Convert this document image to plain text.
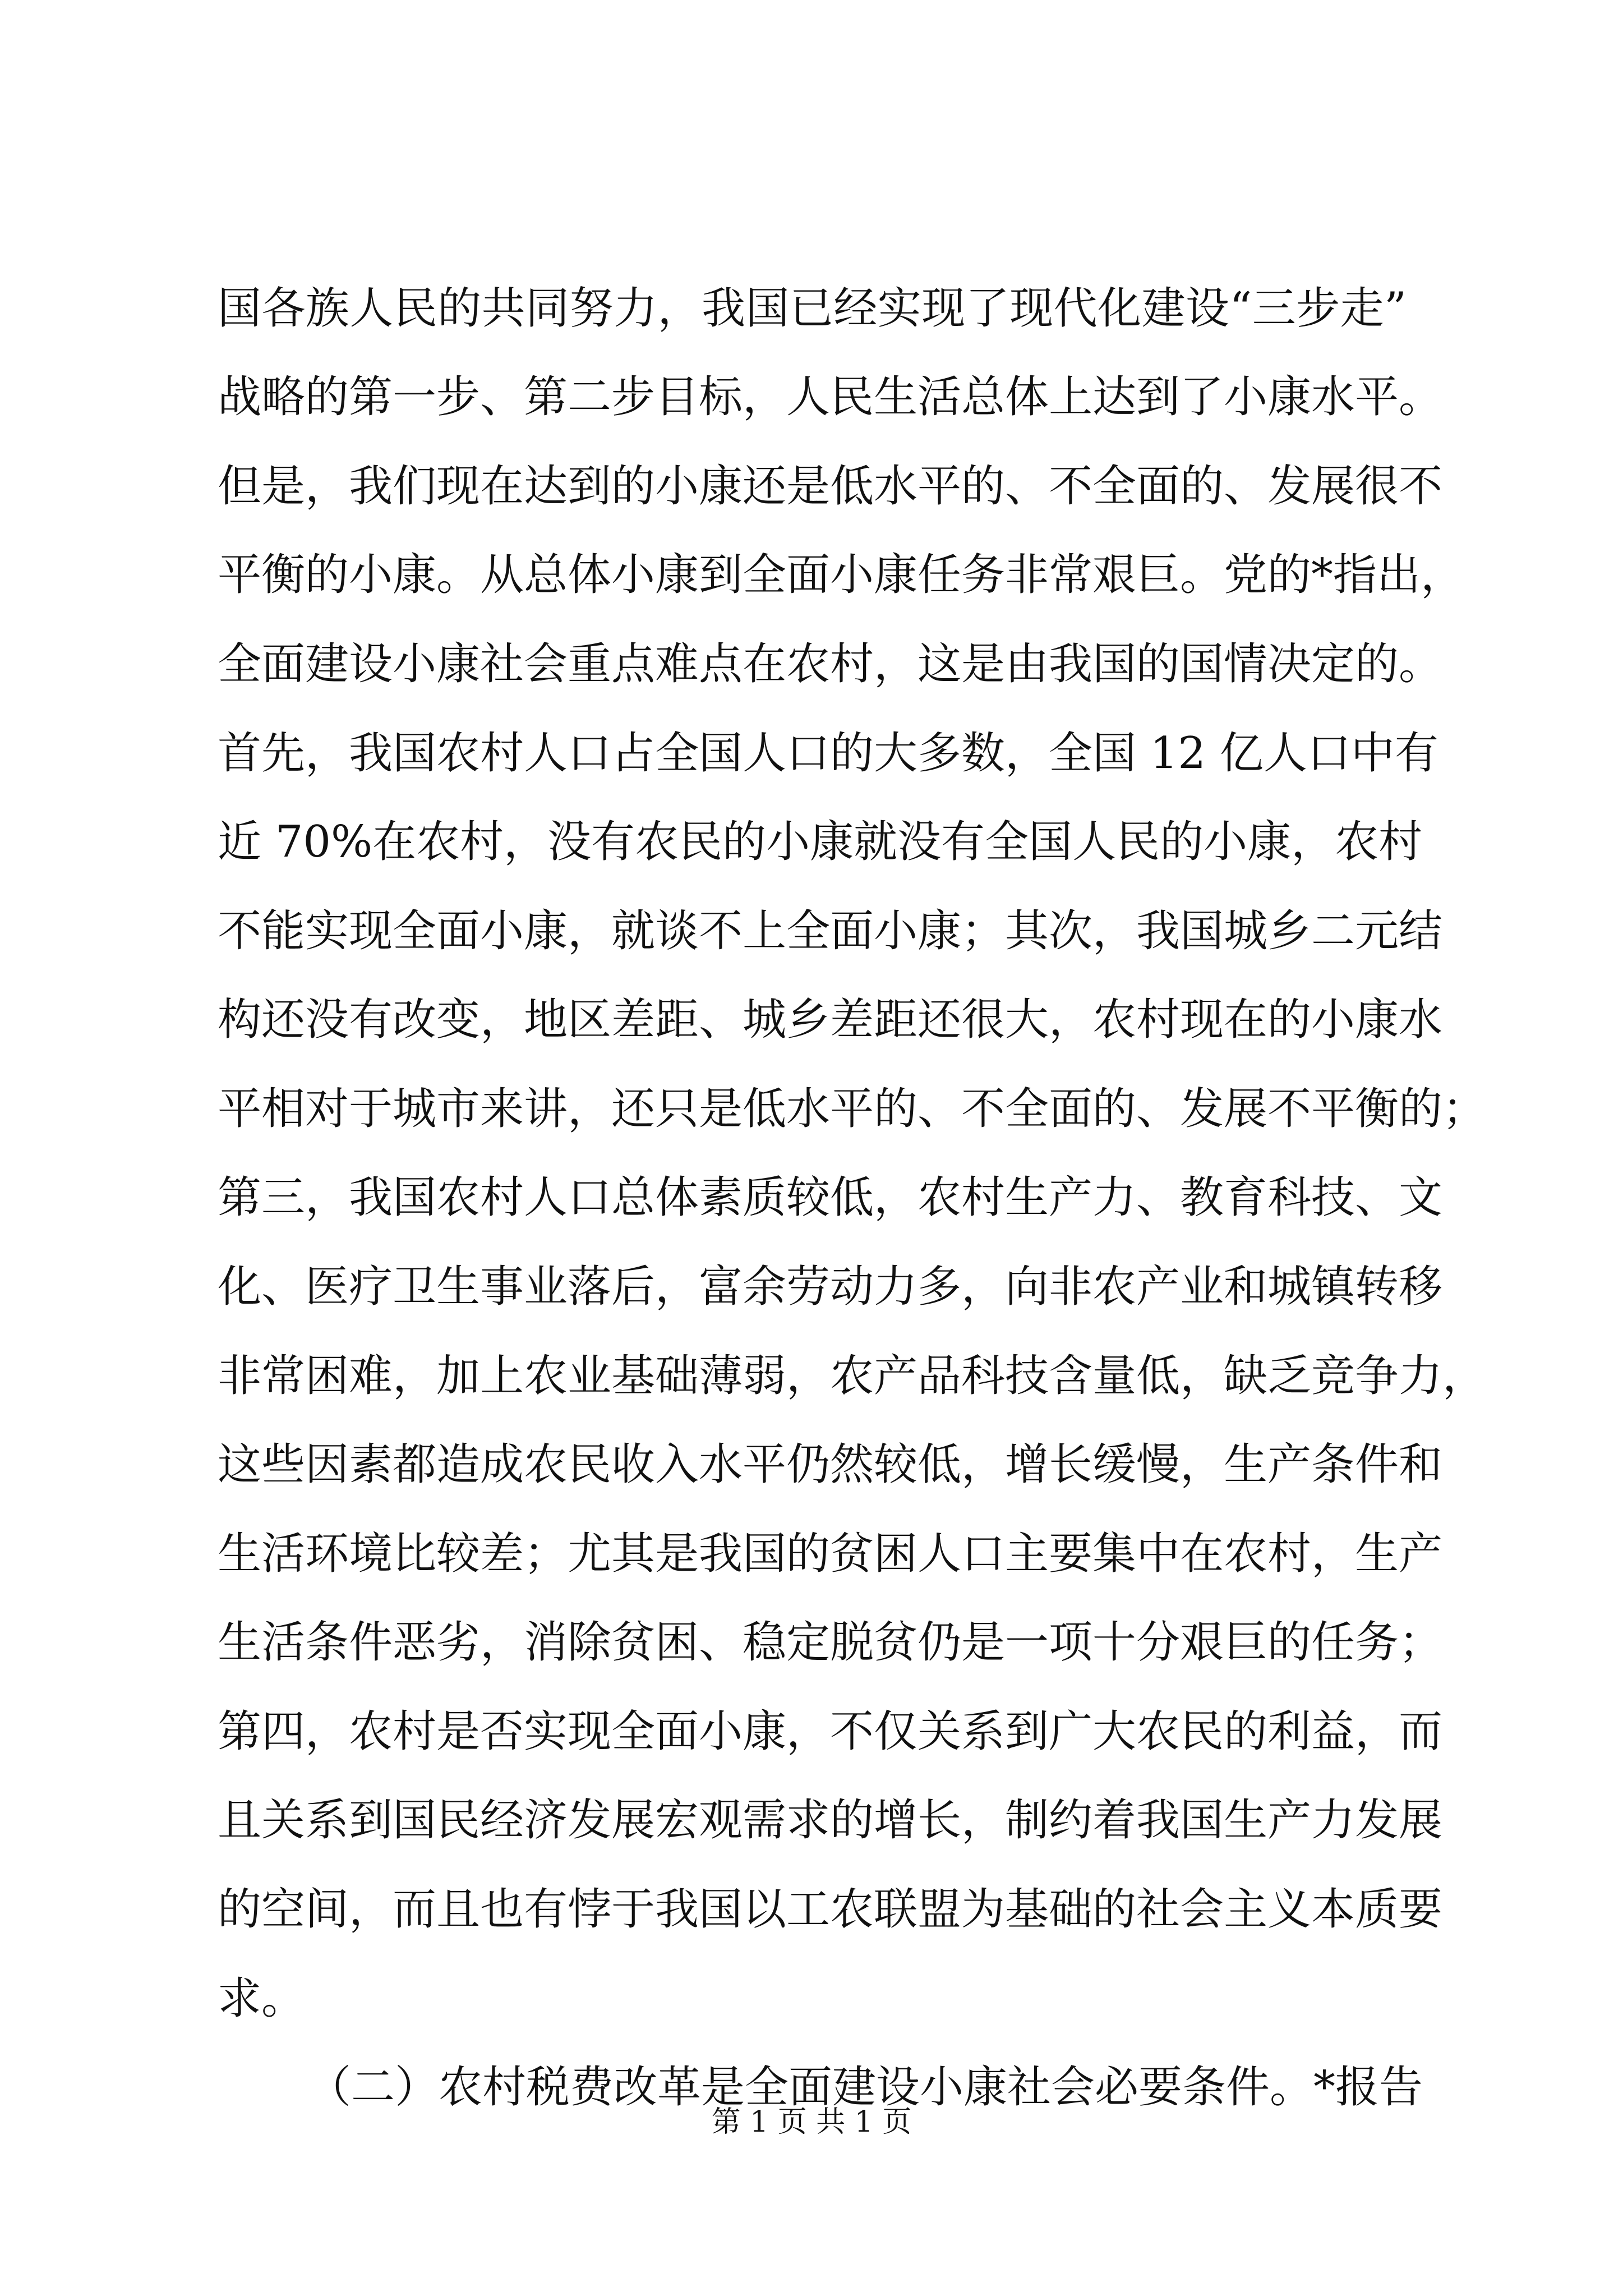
国各族人民的共同努力，我国已经实现了现代化建设“三步走”
战略的第一步、第二步目标，人民生活总体上达到了小康水平。
但是，我们现在达到的小康还是低水平的、不全面的、发展很不
平衡的小康。从总体小康到全面小康任务非常艰巨。党的*指出，
全面建设小康社会重点难点在农村，这是由我国的国情决定的。
首先，我国农村人口占全国人口的大多数，全国 12 亿人口中有
近 70%在农村，没有农民的小康就没有全国人民的小康，农村
不能实现全面小康，就谈不上全面小康；其次，我国城乡二元结
构还没有改变，地区差距、城乡差距还很大，农村现在的小康水
平相对于城市来讲，还只是低水平的、不全面的、发展不平衡的；
第三，我国农村人口总体素质较低，农村生产力、教育科技、文
化、医疗卫生事业落后，富余劳动力多，向非农产业和城镇转移
非常困难，加上农业基础薄弱，农产品科技含量低，缺乏竞争力，
这些因素都造成农民收入水平仍然较低，增长缓慢，生产条件和
生活环境比较差；尤其是我国的贫困人口主要集中在农村，生产
生活条件恶劣，消除贫困、稳定脱贫仍是一项十分艰巨的任务；
第四，农村是否实现全面小康，不仅关系到广大农民的利益，而
且关系到国民经济发展宏观需求的增长，制约着我国生产力发展
的空间，而且也有悖于我国以工农联盟为基础的社会主义本质要
求。
（二）农村税费改革是全面建设小康社会必要条件。*报告
第 1 页 共 1 页
